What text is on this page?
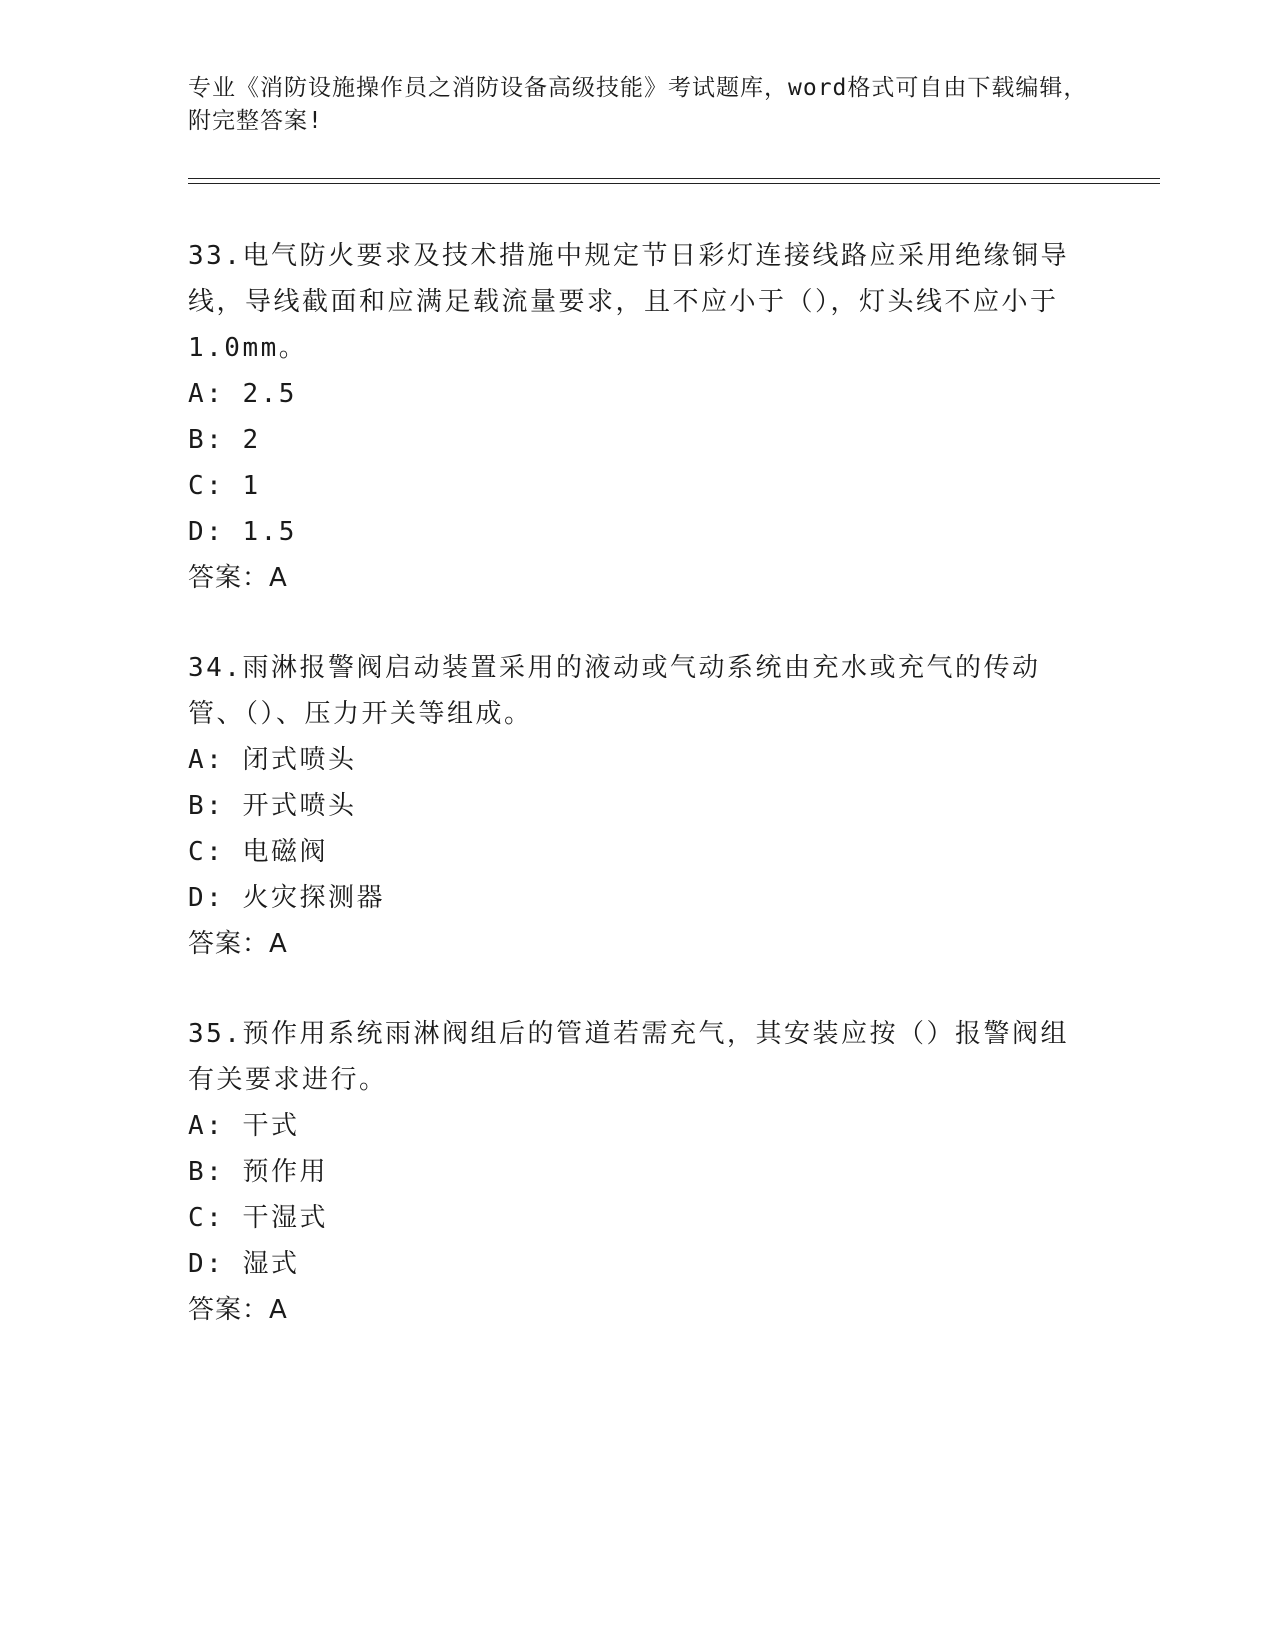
专业《消防设施操作员之消防设备高级技能》考试题库，word格式可自由下载编辑，附完整答案!

33.电气防火要求及技术措施中规定节日彩灯连接线路应采用绝缘铜导线，导线截面和应满足载流量要求，且不应小于（），灯头线不应小于1.0mm。

A: 2.5

B: 2

C: 1

D: 1.5

答案：A

34.雨淋报警阀启动装置采用的液动或气动系统由充水或充气的传动管、（）、压力开关等组成。

A: 闭式喷头

B: 开式喷头

C: 电磁阀

D: 火灾探测器

答案：A

35.预作用系统雨淋阀组后的管道若需充气，其安装应按（）报警阀组有关要求进行。

A: 干式

B: 预作用

C: 干湿式

D: 湿式

答案：A
